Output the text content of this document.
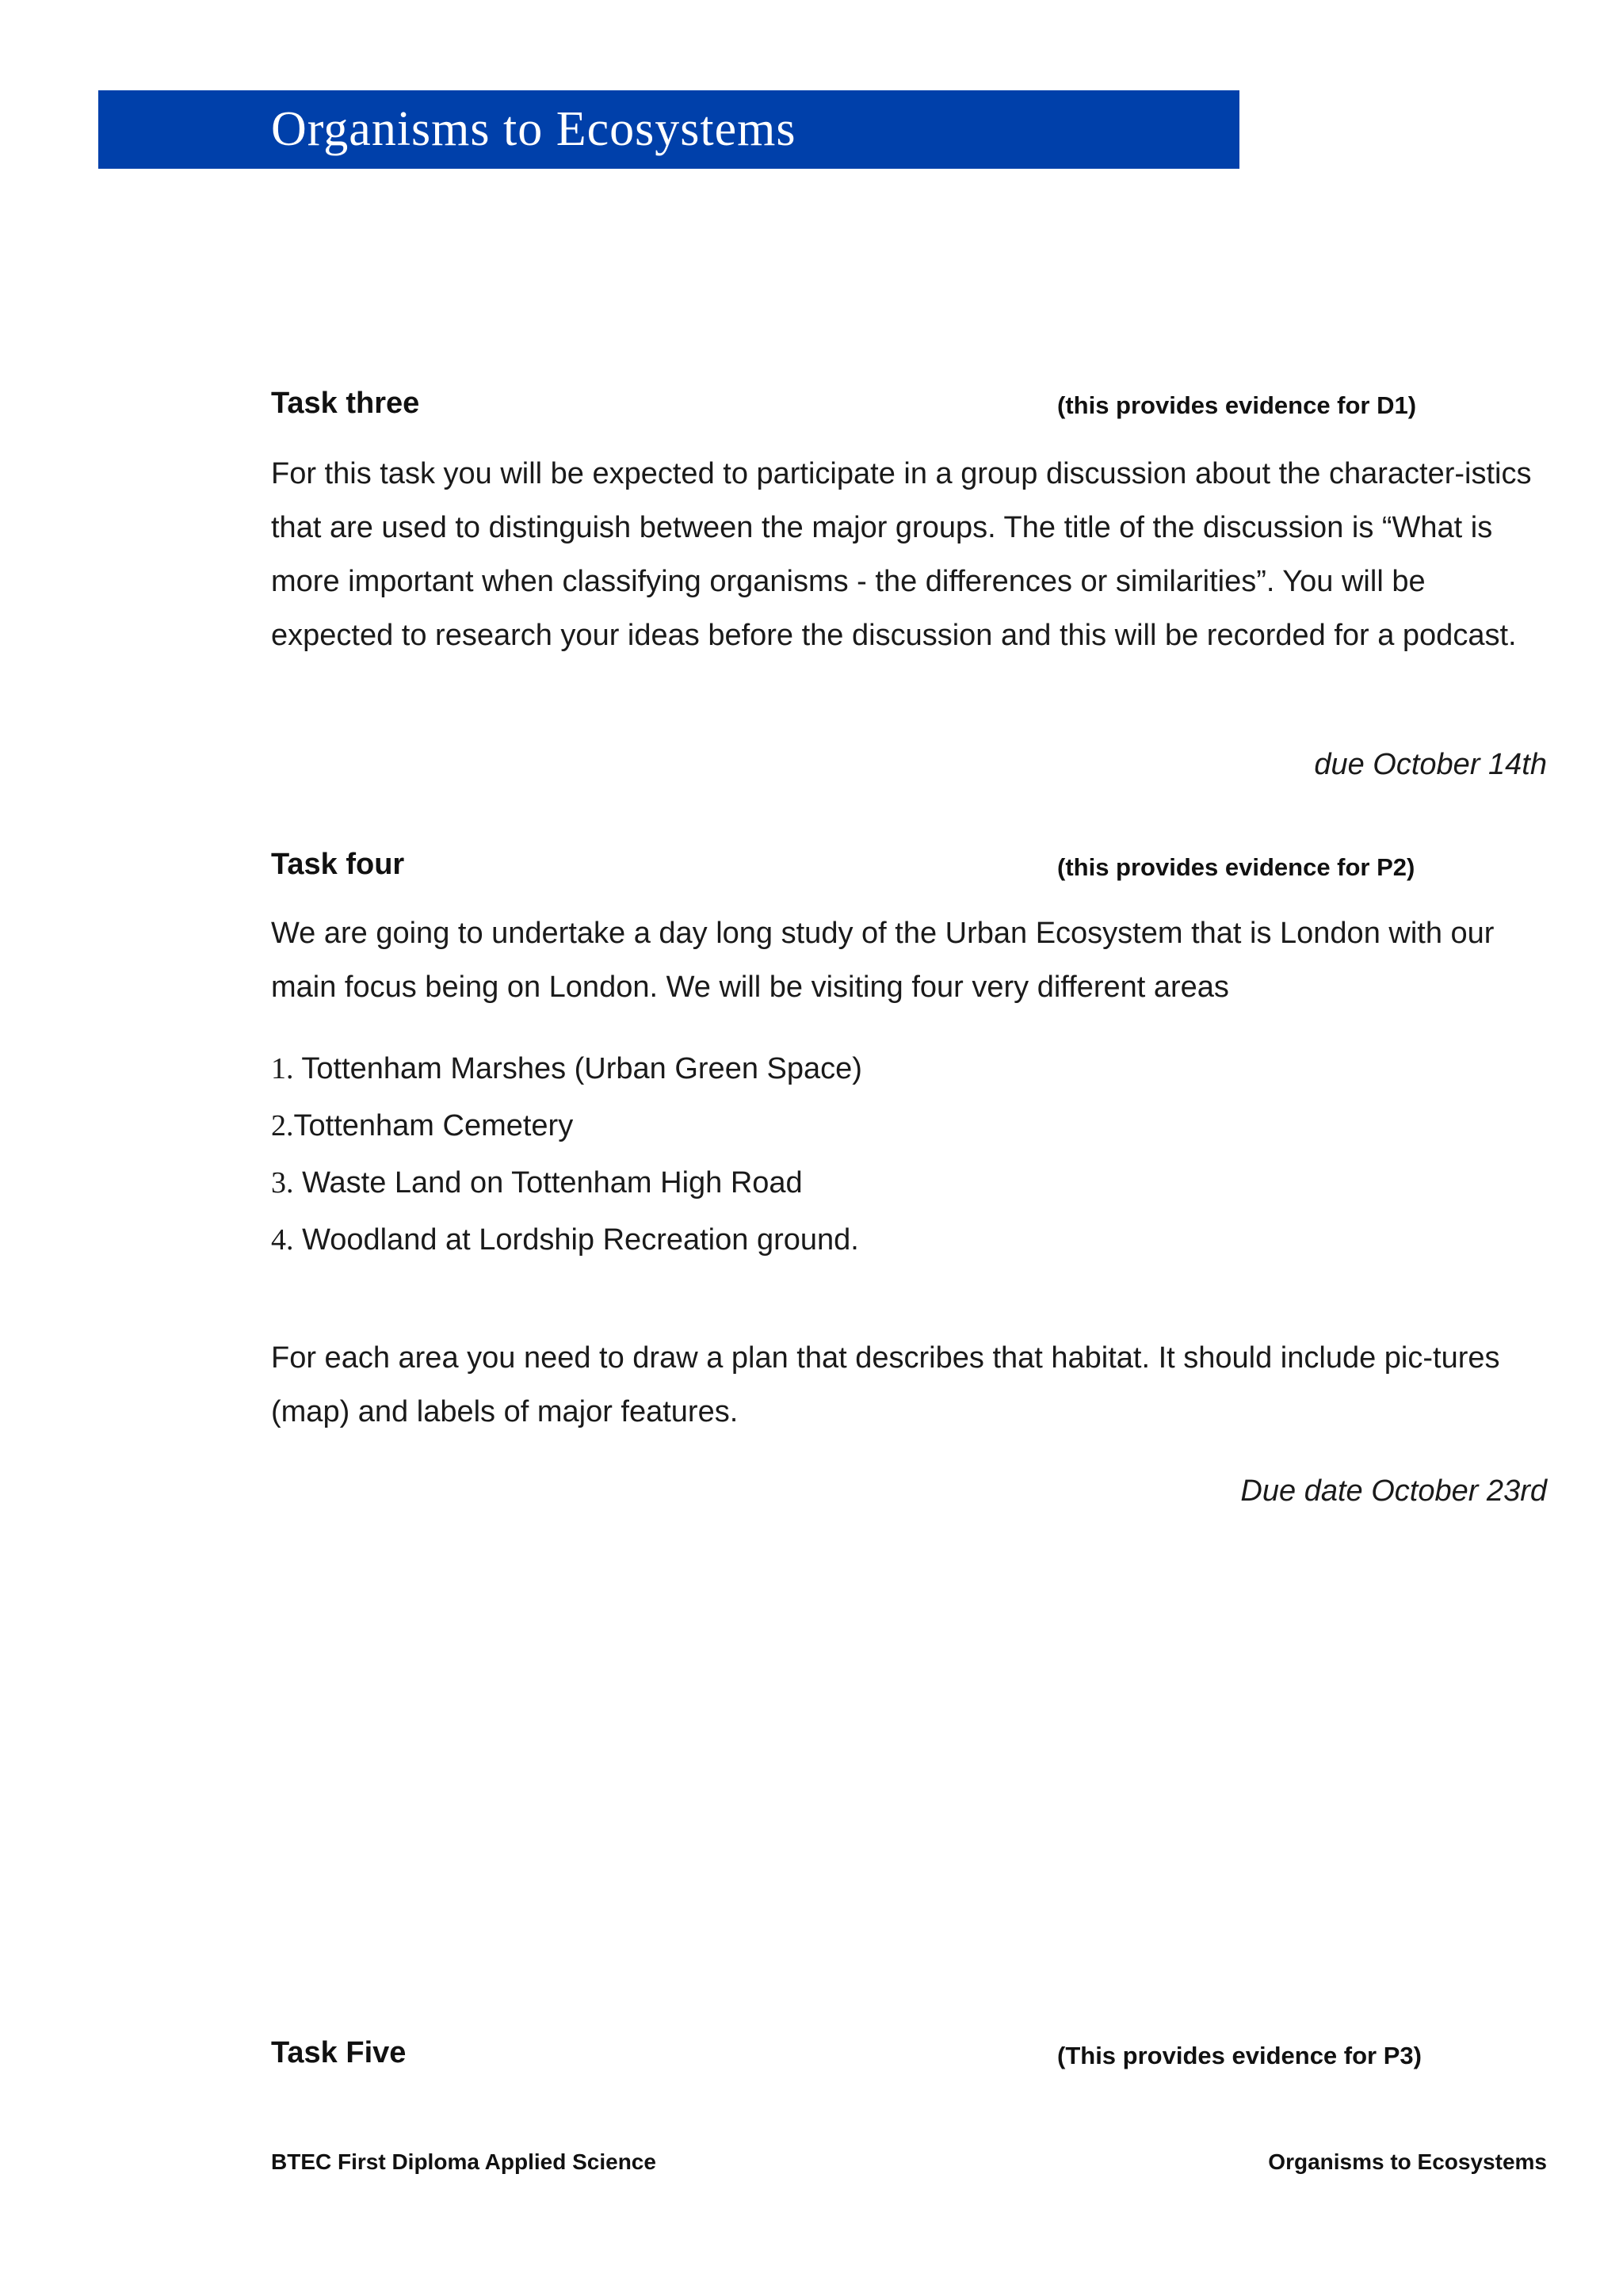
Organisms to Ecosystems
Task three	(this provides evidence for D1)

For this task you will be expected to participate in a group discussion about the character-istics that are used to distinguish between the major groups. The title of the discussion is “What is more important when classifying organisms - the differences or similarities”. You will be expected to research your ideas before the discussion and this will be recorded for a podcast.

due October 14th
Task four	(this provides evidence for P2)

We are going to undertake a day long study of the Urban Ecosystem that is London with our main focus being on London. We will be visiting four very different areas

1. Tottenham Marshes (Urban Green Space)
2.Tottenham Cemetery
3. Waste Land on Tottenham High Road
4. Woodland at Lordship Recreation ground.

For each area you need to draw a plan that describes that habitat. It should include pic-tures (map) and labels of major features.

Due date October 23rd
Task Five	(This provides evidence for P3)
BTEC First Diploma Applied Science	Organisms to Ecosystems
